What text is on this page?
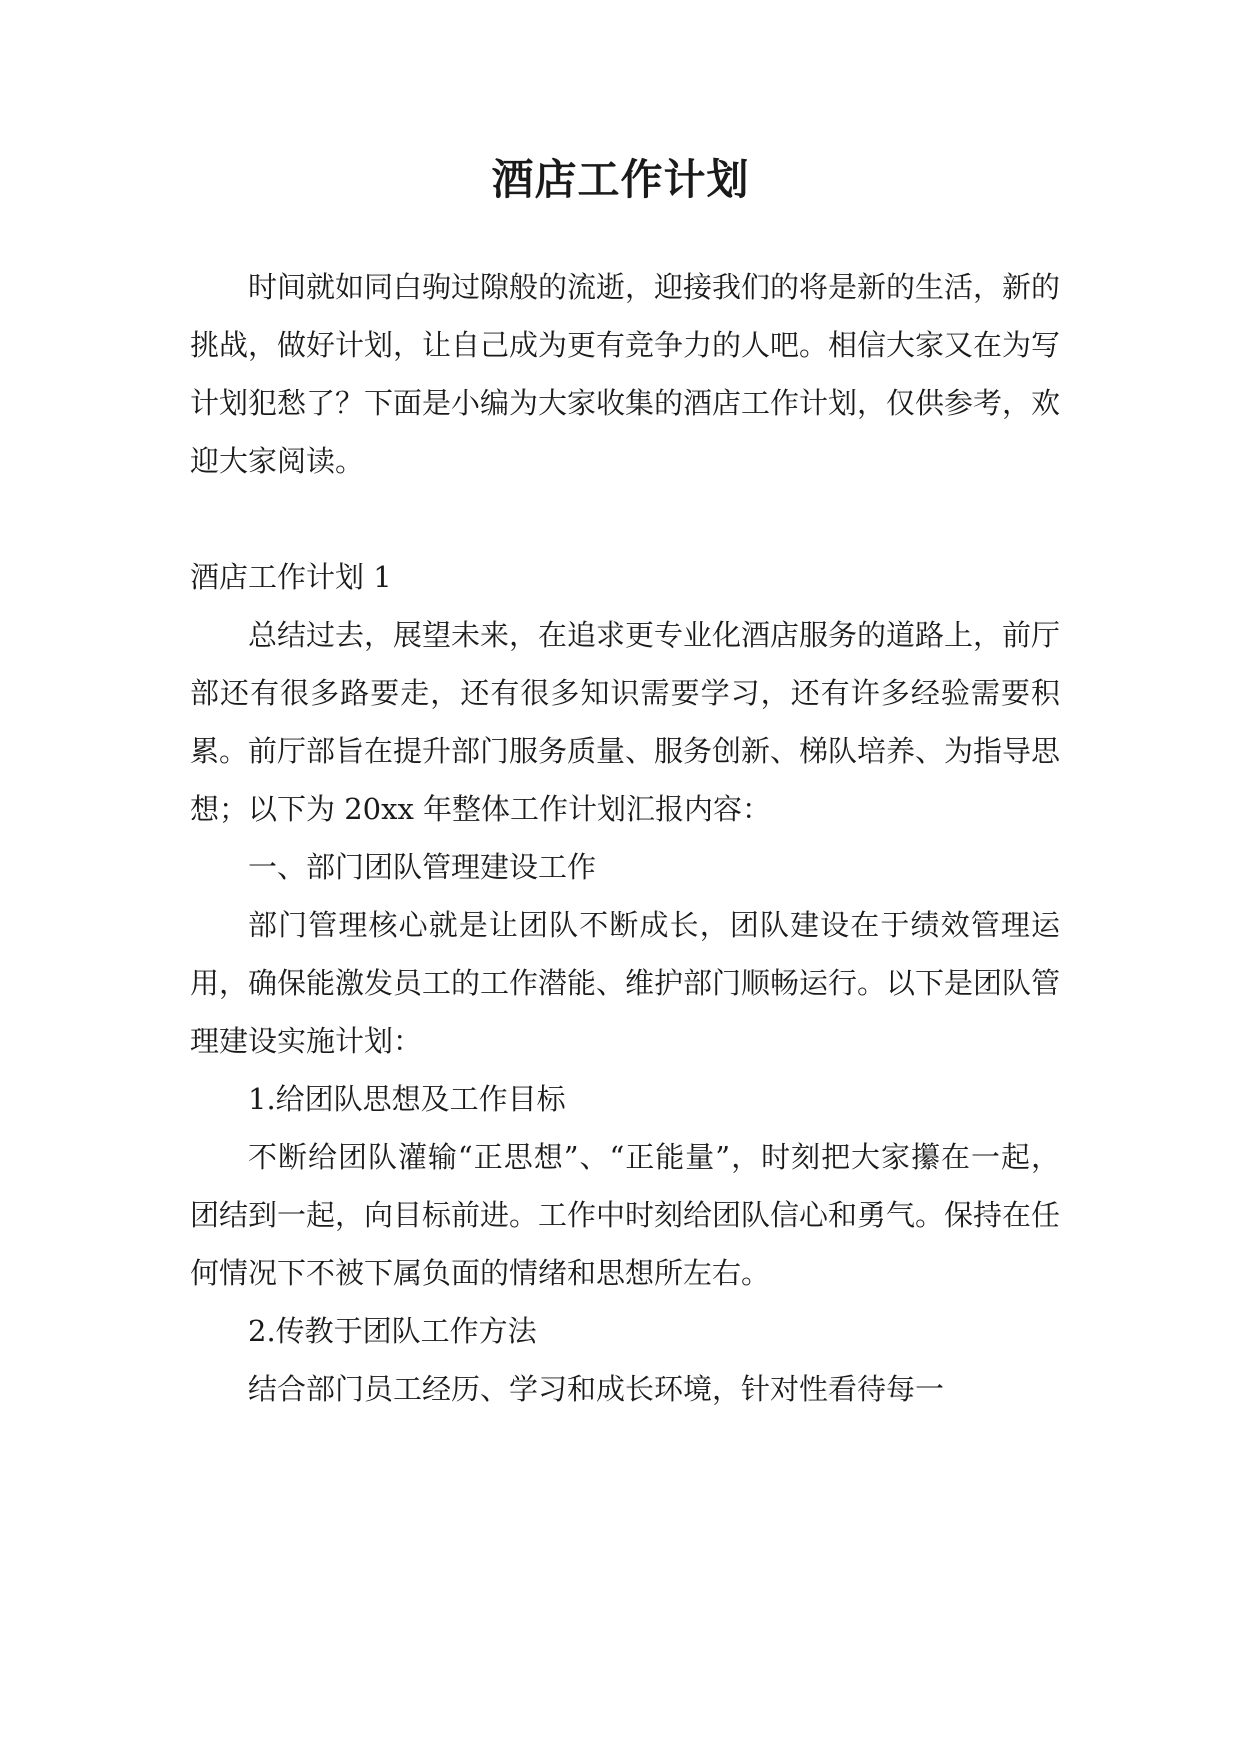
酒店工作计划

时间就如同白驹过隙般的流逝，迎接我们的将是新的生活，新的挑战，做好计划，让自己成为更有竞争力的人吧。相信大家又在为写计划犯愁了？下面是小编为大家收集的酒店工作计划，仅供参考，欢迎大家阅读。

酒店工作计划 1

总结过去，展望未来，在追求更专业化酒店服务的道路上，前厅部还有很多路要走，还有很多知识需要学习，还有许多经验需要积累。前厅部旨在提升部门服务质量、服务创新、梯队培养、为指导思想；以下为 20xx 年整体工作计划汇报内容：

一、部门团队管理建设工作

部门管理核心就是让团队不断成长，团队建设在于绩效管理运用，确保能激发员工的工作潜能、维护部门顺畅运行。以下是团队管理建设实施计划：

1.给团队思想及工作目标

不断给团队灌输“正思想”、“正能量”，时刻把大家攥在一起，团结到一起，向目标前进。工作中时刻给团队信心和勇气。保持在任何情况下不被下属负面的情绪和思想所左右。

2.传教于团队工作方法

结合部门员工经历、学习和成长环境，针对性看待每一
